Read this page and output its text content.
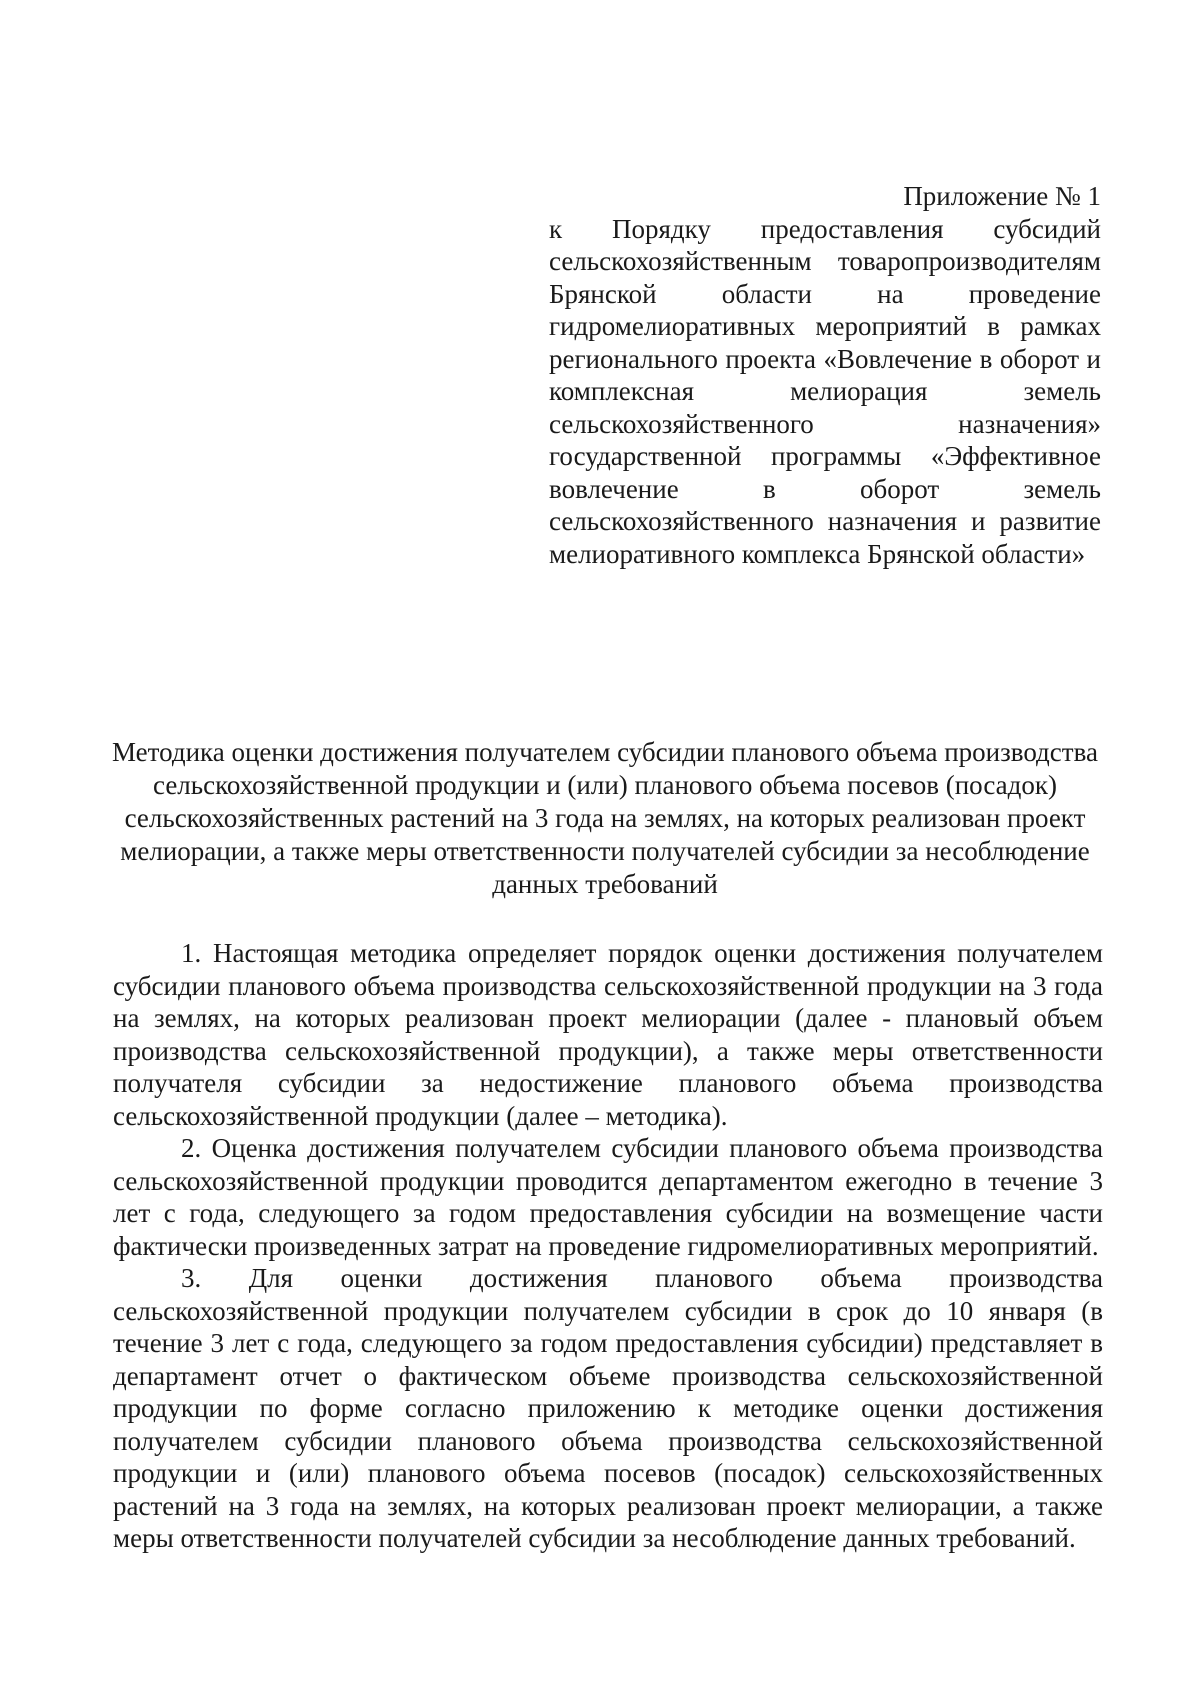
Приложение № 1
к Порядку предоставления субсидий сельскохозяйственным товаропроизводителям Брянской области на проведение гидромелиоративных мероприятий в рамках регионального проекта «Вовлечение в оборот и комплексная мелиорация земель сельскохозяйственного назначения» государственной программы «Эффективное вовлечение в оборот земель сельскохозяйственного назначения и развитие мелиоративного комплекса Брянской области»
Методика оценки достижения получателем субсидии планового объема производства сельскохозяйственной продукции и (или) планового объема посевов (посадок) сельскохозяйственных растений на 3 года на землях, на которых реализован проект мелиорации, а также меры ответственности получателей субсидии за несоблюдение данных требований

1. Настоящая методика определяет порядок оценки достижения получателем субсидии планового объема производства сельскохозяйственной продукции на 3 года на землях, на которых реализован проект мелиорации (далее - плановый объем производства сельскохозяйственной продукции), а также меры ответственности получателя субсидии за недостижение планового объема производства сельскохозяйственной продукции (далее – методика).

2. Оценка достижения получателем субсидии планового объема производства сельскохозяйственной продукции проводится департаментом ежегодно в течение 3 лет с года, следующего за годом предоставления субсидии на возмещение части фактически произведенных затрат на проведение гидромелиоративных мероприятий.

3. Для оценки достижения планового объема производства сельскохозяйственной продукции получателем субсидии в срок до 10 января (в течение 3 лет с года, следующего за годом предоставления субсидии) представляет в департамент отчет о фактическом объеме производства сельскохозяйственной продукции по форме согласно приложению к методике оценки достижения получателем субсидии планового объема производства сельскохозяйственной продукции и (или) планового объема посевов (посадок) сельскохозяйственных растений на 3 года на землях, на которых реализован проект мелиорации, а также меры ответственности получателей субсидии за несоблюдение данных требований.
